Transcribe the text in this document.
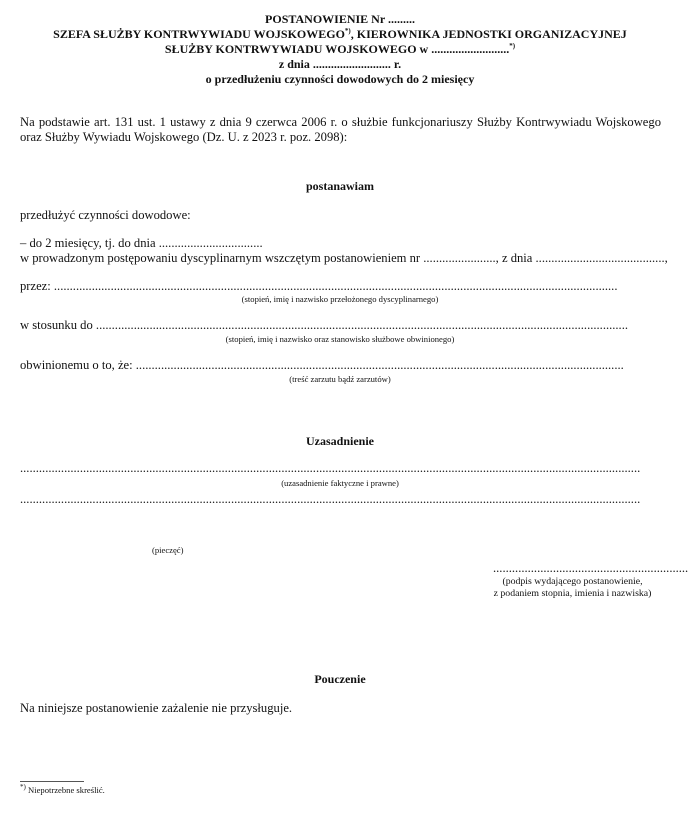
POSTANOWIENIE Nr .........
SZEFA SŁUŻBY KONTRWYWIADU WOJSKOWEGO*), KIEROWNIKA JEDNOSTKI ORGANIZACYJNEJ
SŁUŻBY KONTRWYWIADU WOJSKOWEGO w ..........................*)
z dnia .......................... r.
o przedłużeniu czynności dowodowych do 2 miesięcy
Na podstawie art. 131 ust. 1 ustawy z dnia 9 czerwca 2006 r. o służbie funkcjonariuszy Służby Kontrwywiadu Wojskowego
oraz Służby Wywiadu Wojskowego (Dz. U. z 2023 r. poz. 2098):
postanawiam
przedłużyć czynności dowodowe:
– do 2 miesięcy, tj. do dnia .................................
w prowadzonym postępowaniu dyscyplinarnym wszczętym postanowieniem nr ......................., z dnia .........................................,
przez: ...................................................................................................................................................................................
(stopień, imię i nazwisko przełożonego dyscyplinarnego)
w stosunku do .........................................................................................................................................................................
(stopień, imię i nazwisko oraz stanowisko służbowe obwinionego)
obwinionemu o to, że: ...........................................................................................................................................................
(treść zarzutu bądź zarzutów)
Uzasadnienie
.....................................................................................................................................................................................................
(uzasadnienie faktyczne i prawne)
.....................................................................................................................................................................................................
(pieczęć)
..............................................................
(podpis wydającego postanowienie,
z podaniem stopnia, imienia i nazwiska)
Pouczenie
Na niniejsze postanowienie zażalenie nie przysługuje.
*) Niepotrzebne skreślić.
